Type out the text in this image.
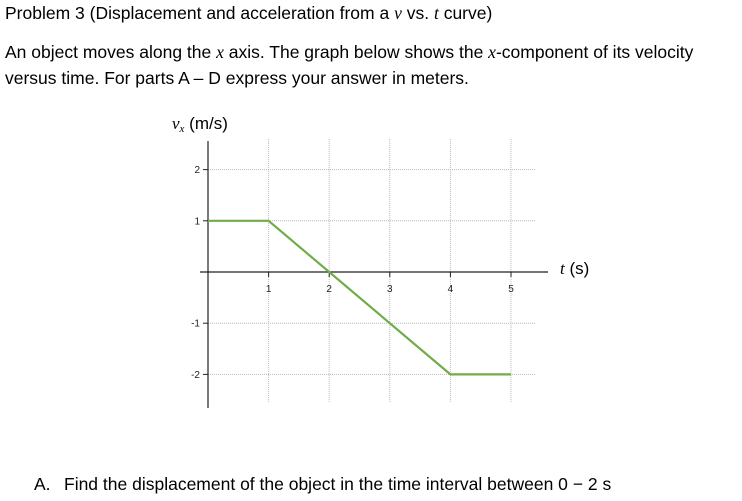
Problem 3 (Displacement and acceleration from a v vs. t curve)
An object moves along the x axis. The graph below shows the x-component of its velocity
versus time. For parts A – D express your answer in meters.
1	2	3	4	5
2
1
-1
-2
vx (m/s)
t (s)
A. Find the displacement of the object in the time interval between 0 − 2 s
